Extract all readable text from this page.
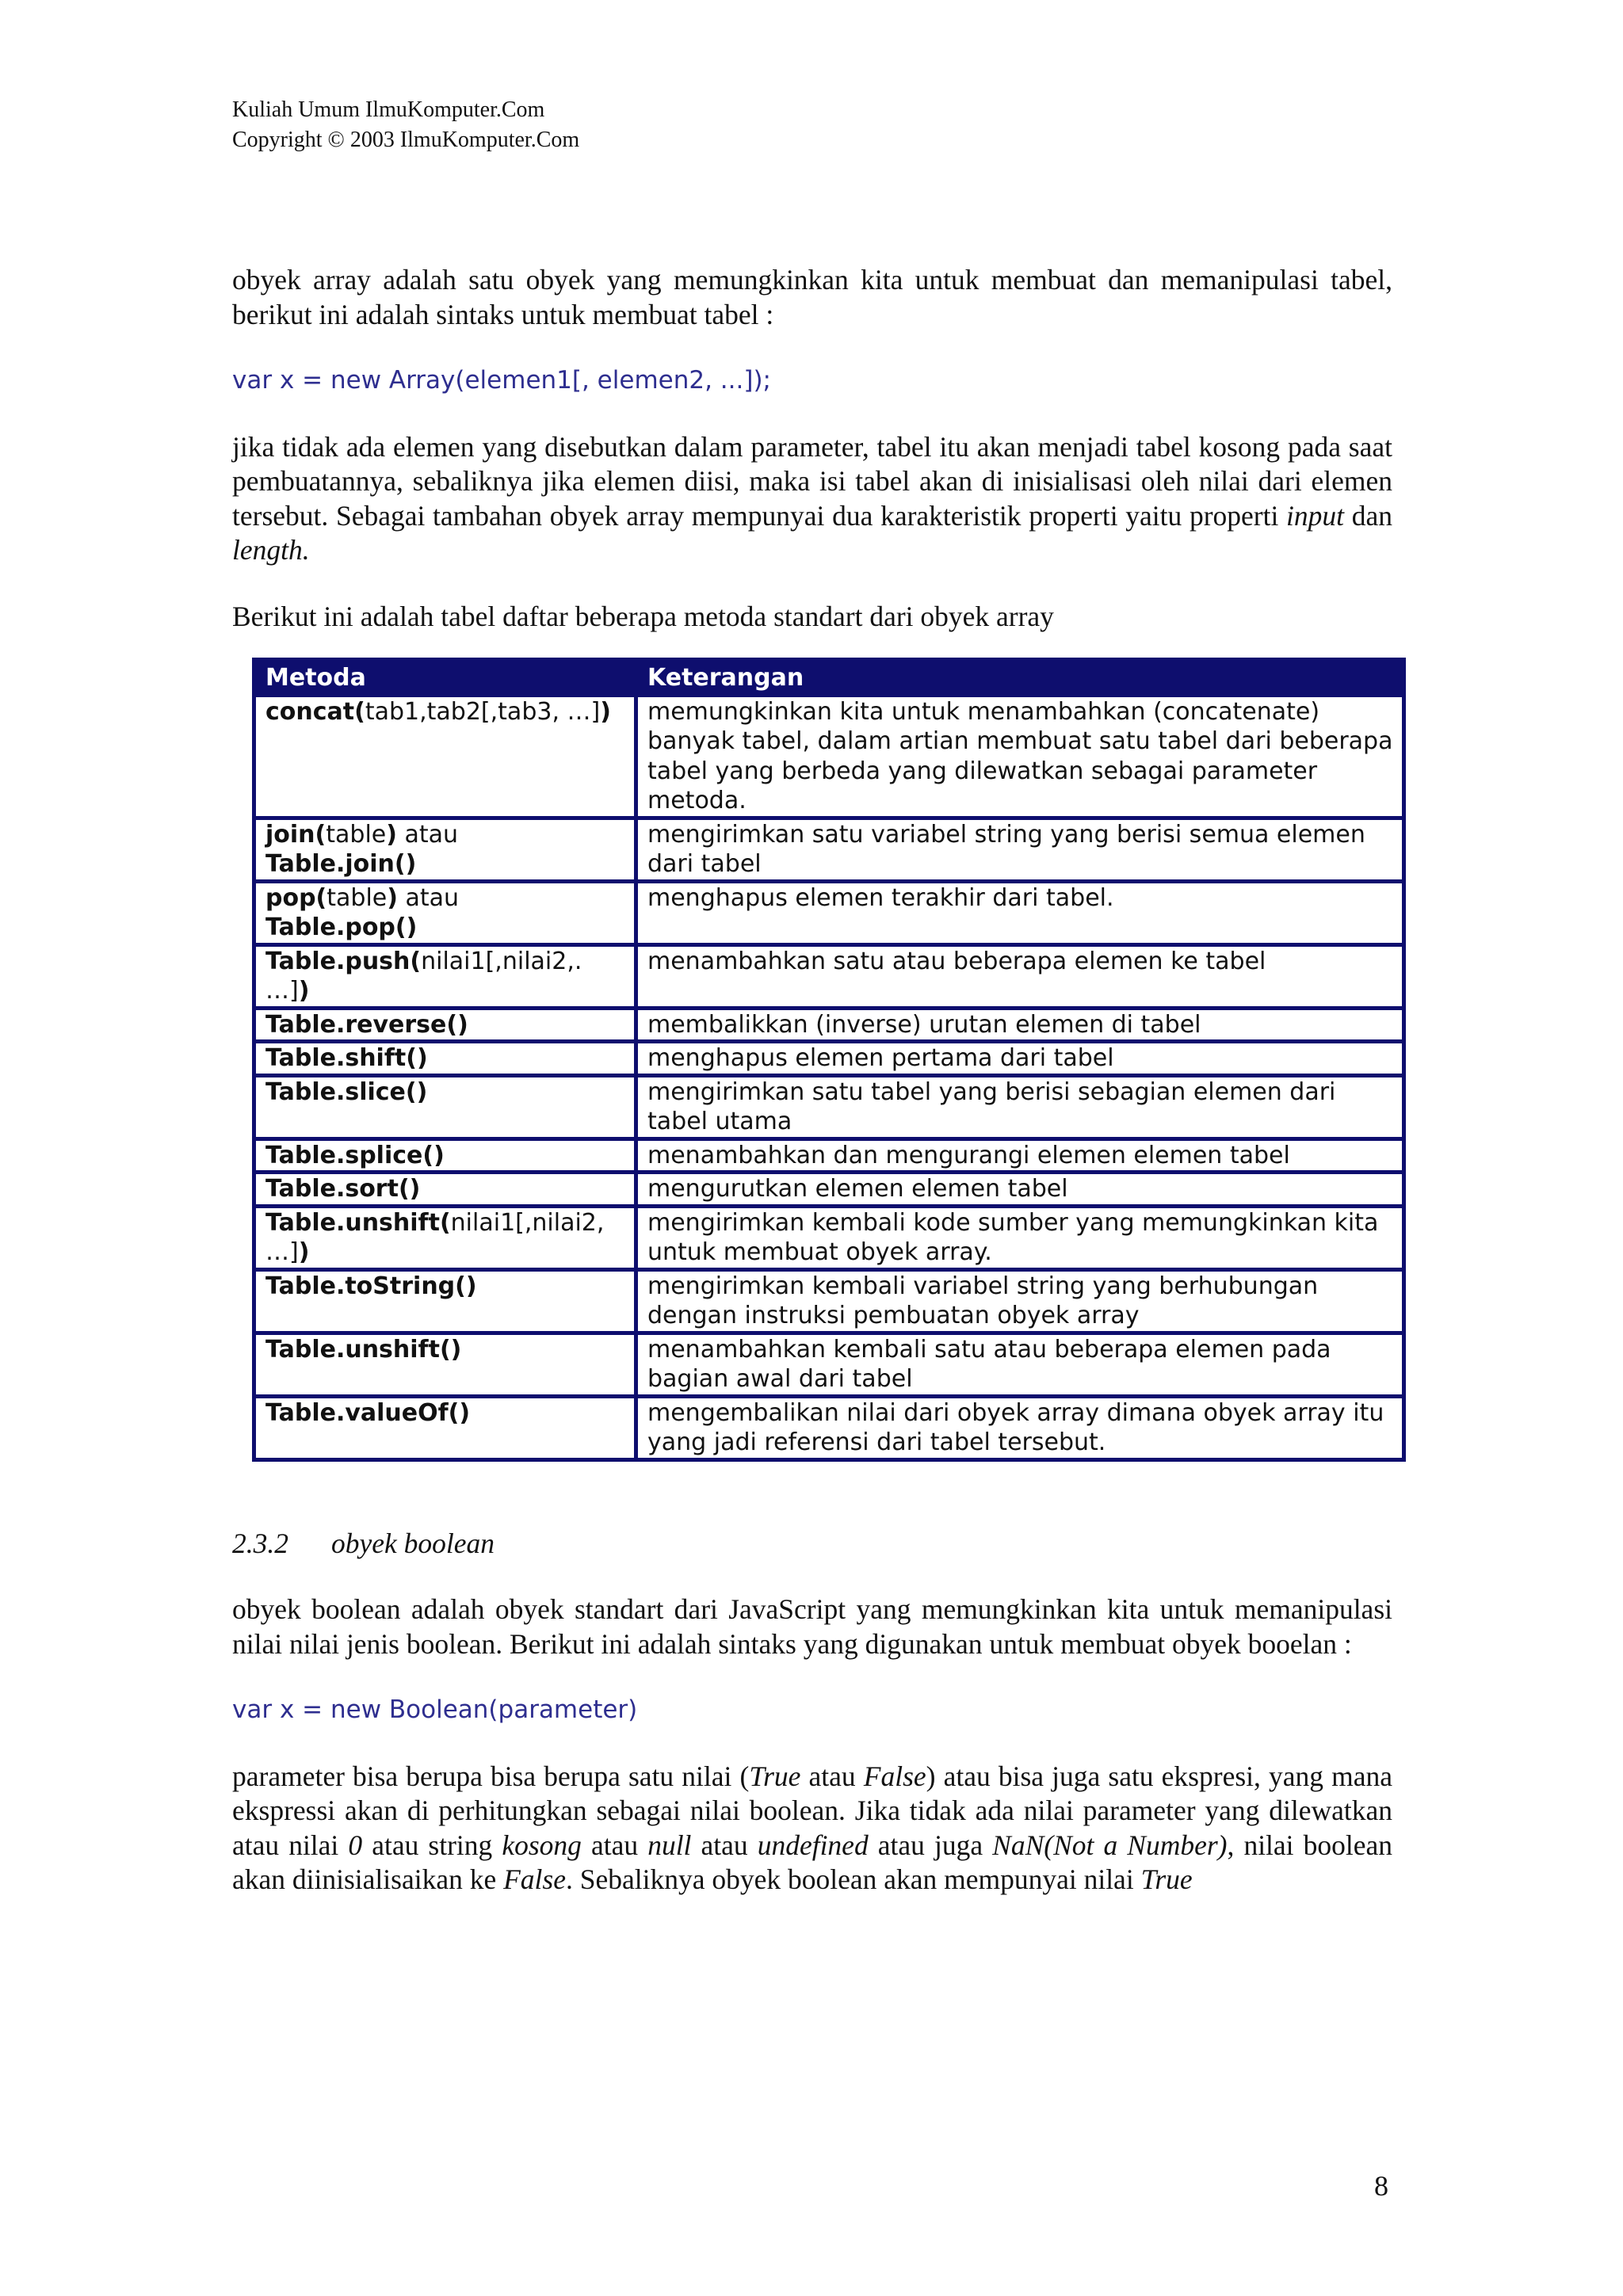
Kuliah Umum IlmuKomputer.Com
Copyright © 2003 IlmuKomputer.Com

obyek array adalah satu obyek yang memungkinkan kita untuk membuat dan memanipulasi tabel, berikut ini adalah sintaks untuk membuat tabel :

var x = new Array(elemen1[, elemen2, ...]);

jika tidak ada elemen yang disebutkan dalam parameter, tabel itu akan menjadi tabel kosong pada saat pembuatannya, sebaliknya jika elemen diisi, maka isi tabel akan di inisialisasi oleh nilai dari elemen tersebut. Sebagai tambahan obyek array mempunyai dua karakteristik properti yaitu properti input dan length.

Berikut ini adalah tabel daftar beberapa metoda standart dari obyek array

Metoda	Keterangan
concat(tab1,tab2[,tab3, …])	memungkinkan kita untuk menambahkan (concatenate) banyak tabel, dalam artian membuat satu tabel dari beberapa tabel yang berbeda yang dilewatkan sebagai parameter metoda.
join(table) atau
Table.join()	mengirimkan satu variabel string yang berisi semua elemen dari tabel
pop(table) atau
Table.pop()	menghapus elemen terakhir dari tabel.
Table.push(nilai1[,nilai2,. …])	menambahkan satu atau beberapa elemen ke tabel
Table.reverse()	membalikkan (inverse) urutan elemen di tabel
Table.shift()	menghapus elemen pertama dari tabel
Table.slice()	mengirimkan satu tabel yang berisi sebagian elemen dari tabel utama
Table.splice()	menambahkan dan mengurangi elemen elemen tabel
Table.sort()	mengurutkan elemen elemen tabel
Table.unshift(nilai1[,nilai2, …])	mengirimkan kembali kode sumber yang memungkinkan kita untuk membuat obyek array.
Table.toString()	mengirimkan kembali variabel string yang berhubungan dengan instruksi pembuatan obyek array
Table.unshift()	menambahkan kembali satu atau beberapa elemen pada bagian awal dari tabel
Table.valueOf()	mengembalikan nilai dari obyek array dimana obyek array itu yang jadi referensi dari tabel tersebut.

2.3.2	obyek boolean

obyek boolean adalah obyek standart dari JavaScript yang memungkinkan kita untuk memanipulasi nilai nilai jenis boolean. Berikut ini adalah sintaks yang digunakan untuk membuat obyek booelan :

var x = new Boolean(parameter)

parameter bisa berupa bisa berupa satu nilai (True atau False) atau bisa juga satu ekspresi, yang mana ekspressi akan di perhitungkan sebagai nilai boolean. Jika tidak ada nilai parameter yang dilewatkan atau nilai 0 atau string kosong atau null atau undefined atau juga NaN(Not a Number), nilai boolean akan diinisialisaikan ke False. Sebaliknya obyek boolean akan mempunyai nilai True

8
